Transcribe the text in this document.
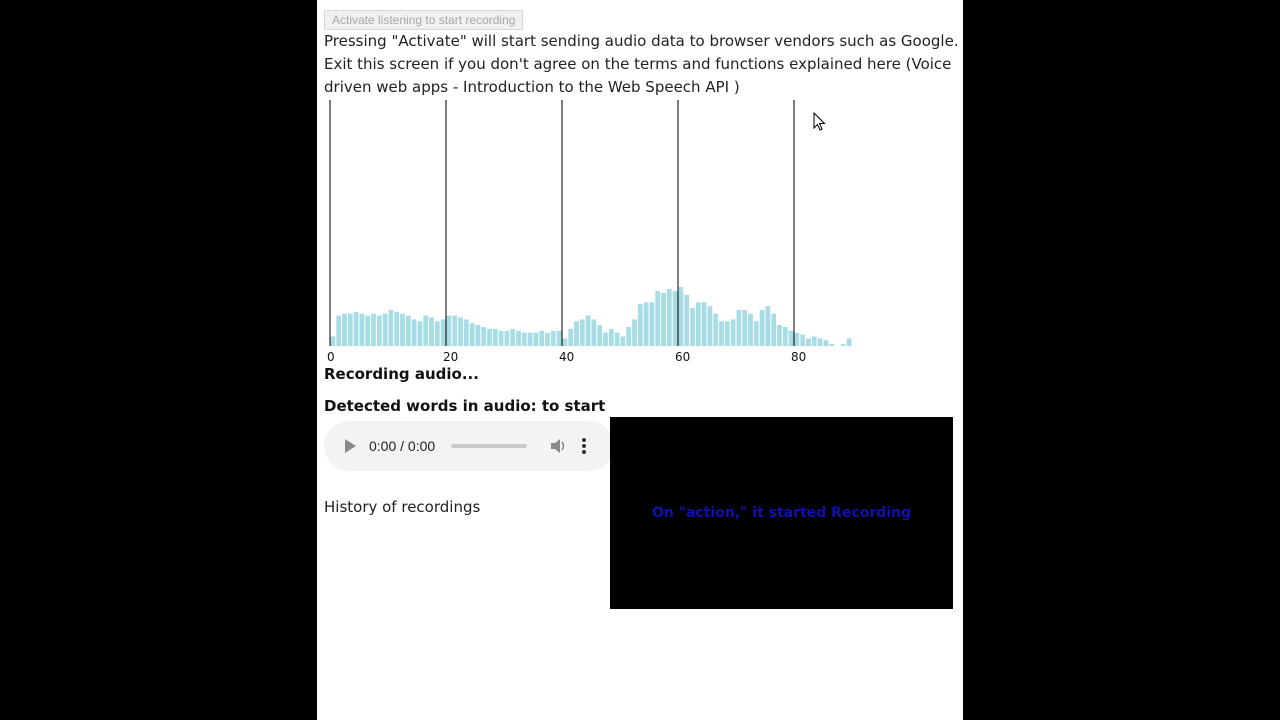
Activate listening to start recording
Pressing "Activate" will start sending audio data to browser vendors such as Google. Exit this screen if you don't agree on the terms and functions explained here (Voice driven web apps - Introduction to the Web Speech API )
0	20	40	60	80
Recording audio...
Detected words in audio: to start
0:00 / 0:00
History of recordings	On "action," it started Recording
